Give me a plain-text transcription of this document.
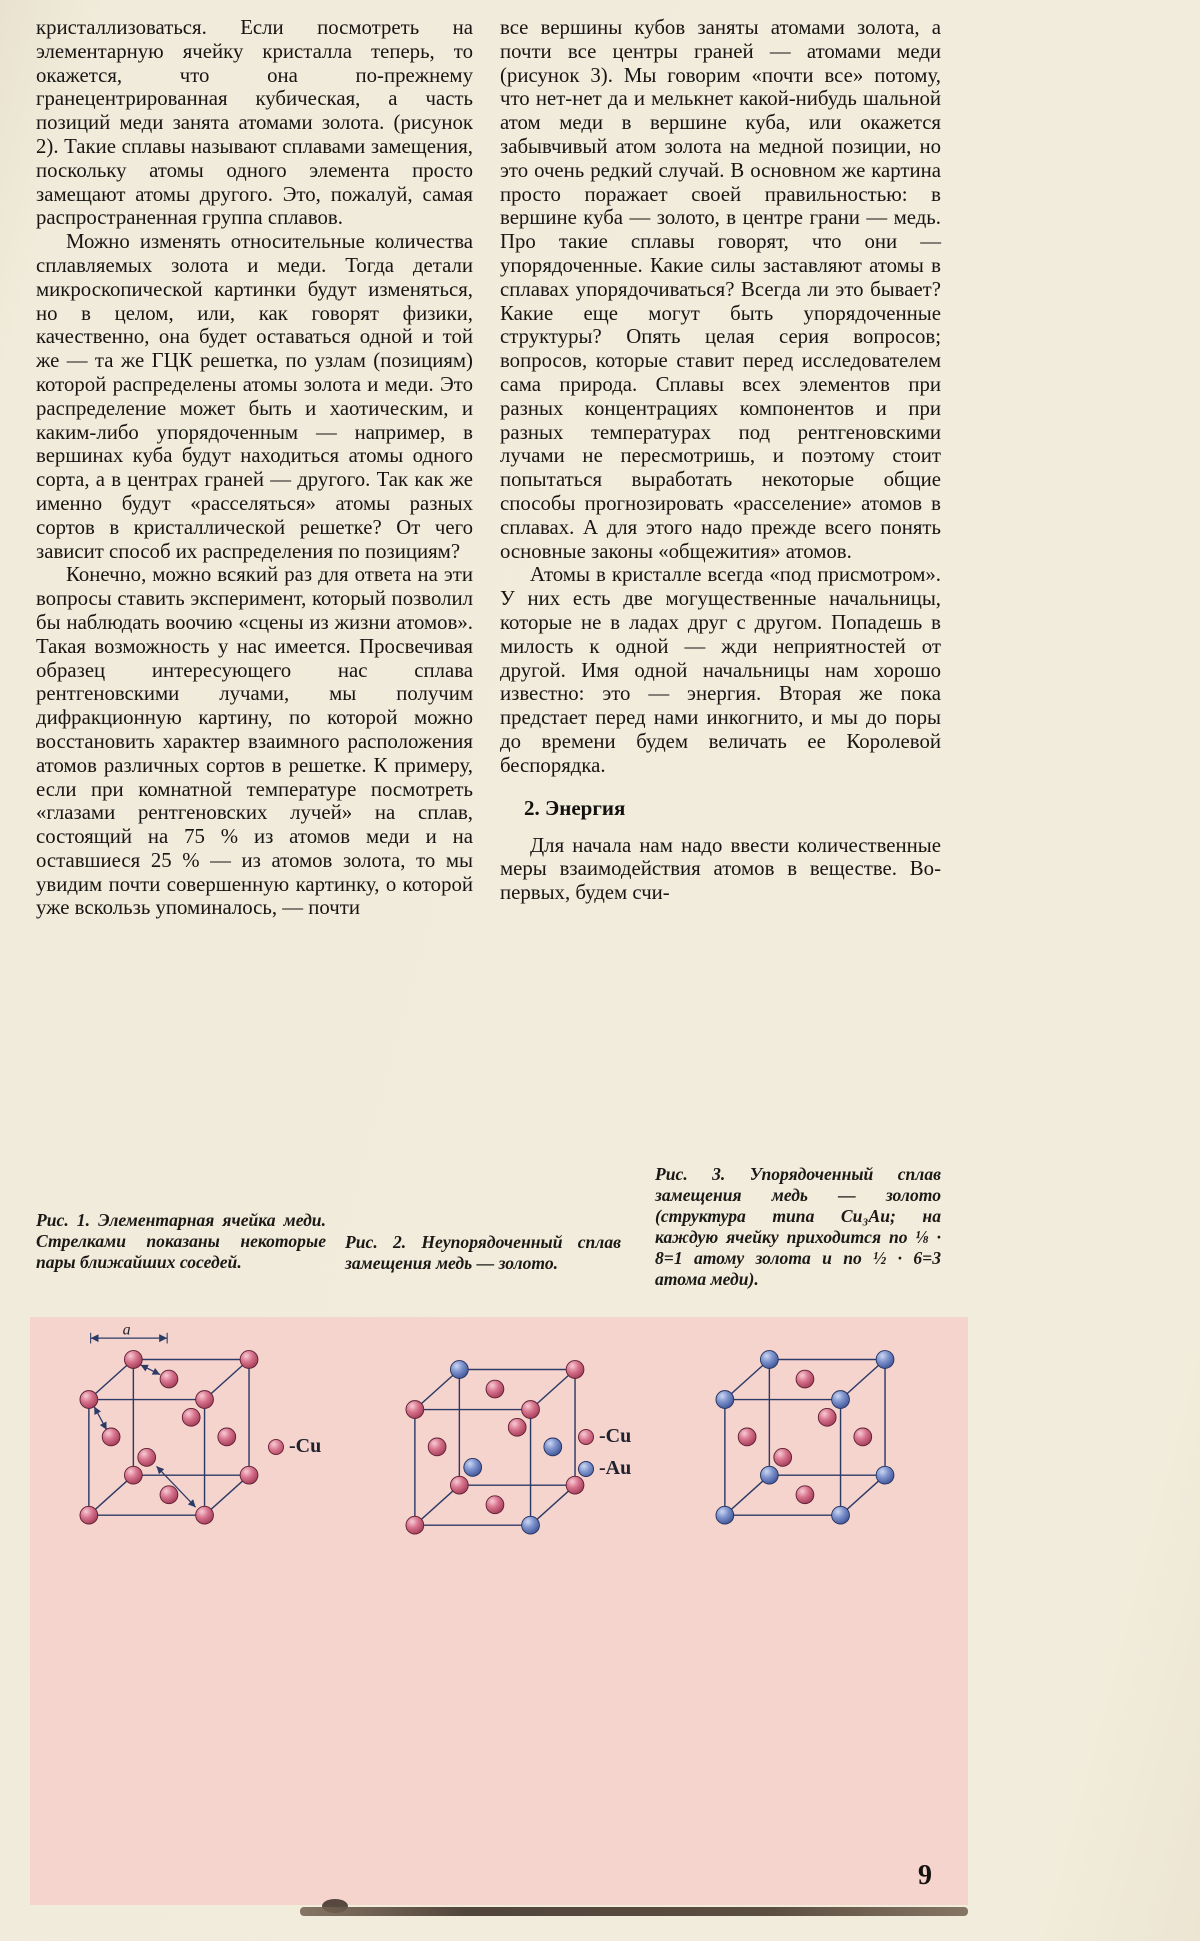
кристаллизоваться. Если посмотреть на элементарную ячейку кристалла теперь, то окажется, что она по-прежнему гранецентрированная кубическая, а часть позиций меди занята атомами золота. (рисунок 2). Такие сплавы называют сплавами замещения, поскольку атомы одного элемента просто замещают атомы другого. Это, пожалуй, самая распространенная группа сплавов.

Можно изменять относительные количества сплавляемых золота и меди. Тогда детали микроскопической картинки будут изменяться, но в целом, или, как говорят физики, качественно, она будет оставаться одной и той же — та же ГЦК решетка, по узлам (позициям) которой распределены атомы золота и меди. Это распределение может быть и хаотическим, и каким-либо упорядоченным — например, в вершинах куба будут находиться атомы одного сорта, а в центрах граней — другого. Так как же именно будут «расселяться» атомы разных сортов в кристаллической решетке? От чего зависит способ их распределения по позициям?

Конечно, можно всякий раз для ответа на эти вопросы ставить эксперимент, который позволил бы наблюдать воочию «сцены из жизни атомов». Такая возможность у нас имеется. Просвечивая образец интересующего нас сплава рентгеновскими лучами, мы получим дифракционную картину, по которой можно восстановить характер взаимного расположения атомов различных сортов в решетке. К примеру, если при комнатной температуре посмотреть «глазами рентгеновских лучей» на сплав, состоящий на 75 % из атомов меди и на оставшиеся 25 % — из атомов золота, то мы увидим почти совершенную картинку, о которой уже вскользь упоминалось, — почти

все вершины кубов заняты атомами золота, а почти все центры граней — атомами меди (рисунок 3). Мы говорим «почти все» потому, что нет-нет да и мелькнет какой-нибудь шальной атом меди в вершине куба, или окажется забывчивый атом золота на медной позиции, но это очень редкий случай. В основном же картина просто поражает своей правильностью: в вершине куба — золото, в центре грани — медь. Про такие сплавы говорят, что они — упорядоченные. Какие силы заставляют атомы в сплавах упорядочиваться? Всегда ли это бывает? Какие еще могут быть упорядоченные структуры? Опять целая серия вопросов; вопросов, которые ставит перед исследователем сама природа. Сплавы всех элементов при разных концентрациях компонентов и при разных температурах под рентгеновскими лучами не пересмотришь, и поэтому стоит попытаться выработать некоторые общие способы прогнозировать «расселение» атомов в сплавах. А для этого надо прежде всего понять основные законы «общежития» атомов.

Атомы в кристалле всегда «под присмотром». У них есть две могущественные начальницы, которые не в ладах друг с другом. Попадешь в милость к одной — жди неприятностей от другой. Имя одной начальницы нам хорошо известно: это — энергия. Вторая же пока предстает перед нами инкогнито, и мы до поры до времени будем величать ее Королевой беспорядка.

2. Энергия

Для начала нам надо ввести количественные меры взаимодействия атомов в веществе. Во-первых, будем счи-

Рис. 1. Элементарная ячейка меди. Стрелками показаны некоторые пары ближайших соседей.
Рис. 2. Неупорядоченный сплав замещения медь — золото.
Рис. 3. Упорядоченный сплав замещения медь — золото (структура типа Cu₃Au; на каждую ячейку приходится по ⅛ · 8=1 атому золота и по ½ · 6=3 атома меди).
a
-Cu	-Cu
-Au
9
